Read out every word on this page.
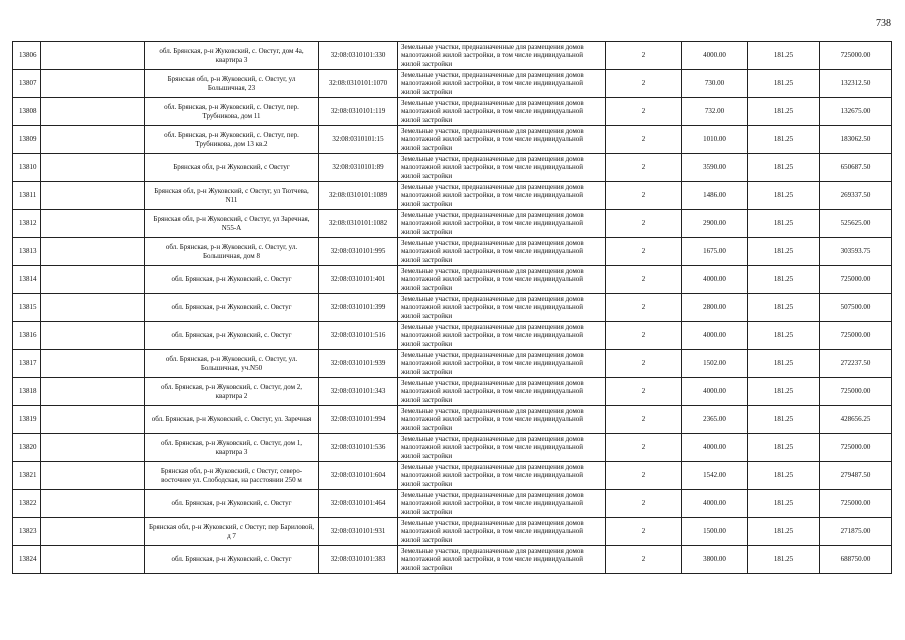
738
13806		обл. Брянская, р-н Жуковский, с. Овстуг, дом 4а, квартира 3	32:08:0310101:330	Земельные участки, предназначенные для размещения домов малоэтажной жилой застройки, в том числе индивидуальной жилой застройки	2	4000.00	181.25	725000.00
13807		Брянская обл, р-н Жуковский, с. Овстуг, ул Большичная, 23	32:08:0310101:1070	Земельные участки, предназначенные для размещения домов малоэтажной жилой застройки, в том числе индивидуальной жилой застройки	2	730.00	181.25	132312.50
13808		обл. Брянская, р-н Жуковский, с. Овстуг, пер. Трубникова, дом 11	32:08:0310101:119	Земельные участки, предназначенные для размещения домов малоэтажной жилой застройки, в том числе индивидуальной жилой застройки	2	732.00	181.25	132675.00
13809		обл. Брянская, р-н Жуковский, с. Овстуг, пер. Трубникова, дом 13 кв.2	32:08:0310101:15	Земельные участки, предназначенные для размещения домов малоэтажной жилой застройки, в том числе индивидуальной жилой застройки	2	1010.00	181.25	183062.50
13810		Брянская обл, р-н Жуковский, с Овстуг	32:08:0310101:89	Земельные участки, предназначенные для размещения домов малоэтажной жилой застройки, в том числе индивидуальной жилой застройки	2	3590.00	181.25	650687.50
13811		Брянская обл, р-н Жуковский, с Овстуг, ул Тютчева, N11	32:08:0310101:1089	Земельные участки, предназначенные для размещения домов малоэтажной жилой застройки, в том числе индивидуальной жилой застройки	2	1486.00	181.25	269337.50
13812		Брянская обл, р-н Жуковский, с Овстуг, ул Заречная, N55-А	32:08:0310101:1082	Земельные участки, предназначенные для размещения домов малоэтажной жилой застройки, в том числе индивидуальной жилой застройки	2	2900.00	181.25	525625.00
13813		обл. Брянская, р-н Жуковский, с. Овстуг, ул. Большичная, дом 8	32:08:0310101:995	Земельные участки, предназначенные для размещения домов малоэтажной жилой застройки, в том числе индивидуальной жилой застройки	2	1675.00	181.25	303593.75
13814		обл. Брянская, р-н Жуковский, с. Овстуг	32:08:0310101:401	Земельные участки, предназначенные для размещения домов малоэтажной жилой застройки, в том числе индивидуальной жилой застройки	2	4000.00	181.25	725000.00
13815		обл. Брянская, р-н Жуковский, с. Овстуг	32:08:0310101:399	Земельные участки, предназначенные для размещения домов малоэтажной жилой застройки, в том числе индивидуальной жилой застройки	2	2800.00	181.25	507500.00
13816		обл. Брянская, р-н Жуковский, с. Овстуг	32:08:0310101:516	Земельные участки, предназначенные для размещения домов малоэтажной жилой застройки, в том числе индивидуальной жилой застройки	2	4000.00	181.25	725000.00
13817		обл. Брянская, р-н Жуковский, с. Овстуг, ул. Большичная, уч.N50	32:08:0310101:939	Земельные участки, предназначенные для размещения домов малоэтажной жилой застройки, в том числе индивидуальной жилой застройки	2	1502.00	181.25	272237.50
13818		обл. Брянская, р-н Жуковский, с. Овстуг, дом 2, квартира 2	32:08:0310101:343	Земельные участки, предназначенные для размещения домов малоэтажной жилой застройки, в том числе индивидуальной жилой застройки	2	4000.00	181.25	725000.00
13819		обл. Брянская, р-н Жуковский, с. Овстуг, ул. Заречная	32:08:0310101:994	Земельные участки, предназначенные для размещения домов малоэтажной жилой застройки, в том числе индивидуальной жилой застройки	2	2365.00	181.25	428656.25
13820		обл. Брянская, р-н Жуковский, с. Овстуг, дом 1, квартира 3	32:08:0310101:536	Земельные участки, предназначенные для размещения домов малоэтажной жилой застройки, в том числе индивидуальной жилой застройки	2	4000.00	181.25	725000.00
13821		Брянская обл, р-н Жуковский, с Овстуг, северо-восточнее ул. Слободская, на расстоянии 250 м	32:08:0310101:604	Земельные участки, предназначенные для размещения домов малоэтажной жилой застройки, в том числе индивидуальной жилой застройки	2	1542.00	181.25	279487.50
13822		обл. Брянская, р-н Жуковский, с. Овстуг	32:08:0310101:464	Земельные участки, предназначенные для размещения домов малоэтажной жилой застройки, в том числе индивидуальной жилой застройки	2	4000.00	181.25	725000.00
13823		Брянская обл, р-н Жуковский, с Овстуг, пер Бариловой, д 7	32:08:0310101:931	Земельные участки, предназначенные для размещения домов малоэтажной жилой застройки, в том числе индивидуальной жилой застройки	2	1500.00	181.25	271875.00
13824		обл. Брянская, р-н Жуковский, с. Овстуг	32:08:0310101:383	Земельные участки, предназначенные для размещения домов малоэтажной жилой застройки, в том числе индивидуальной жилой застройки	2	3800.00	181.25	688750.00
